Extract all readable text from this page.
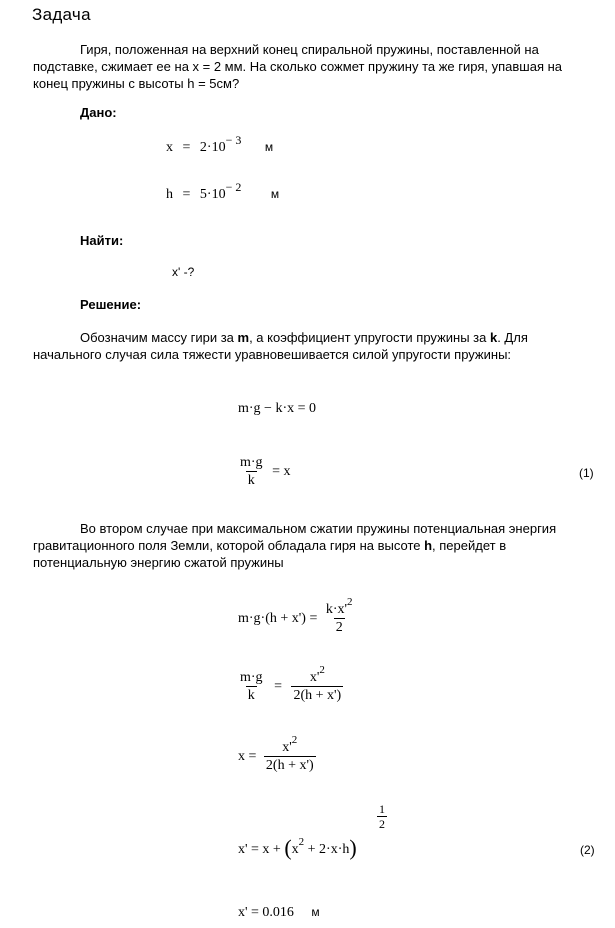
Задача
Гиря, положенная на верхний конец спиральной пружины, поставленной на
подставке, сжимает ее на x = 2 мм. На сколько сожмет пружину та же гиря, упавшая на
конец пружины с высоты h = 5см?
Дано:
x = 2·10− 3 м
h = 5·10− 2 м
Найти:
x' -?
Решение:
Обозначим массу гири за m, а коэффициент упругости пружины за k. Для
начального случая сила тяжести уравновешивается силой упругости пружины:
m·g − k·x = 0
$\frac{m\cdot g}{k} = x$	(1)
Во втором случае при максимальном сжатии пружины потенциальная энергия
гравитационного поля Земли, которой обладала гиря на высоте h, перейдет в
потенциальную энергию сжатой пружины
$m\cdot g\cdot(h + x') = \frac{k\cdot x'^2}{2}$
$\frac{m\cdot g}{k} = \frac{x'^2}{2(h + x')}$
$x = \frac{x'^2}{2(h + x')}$
$x' = x + (x^2 + 2\cdot x\cdot h)$
$\frac{1}{2}$
(2)
x' = 0.016 м
